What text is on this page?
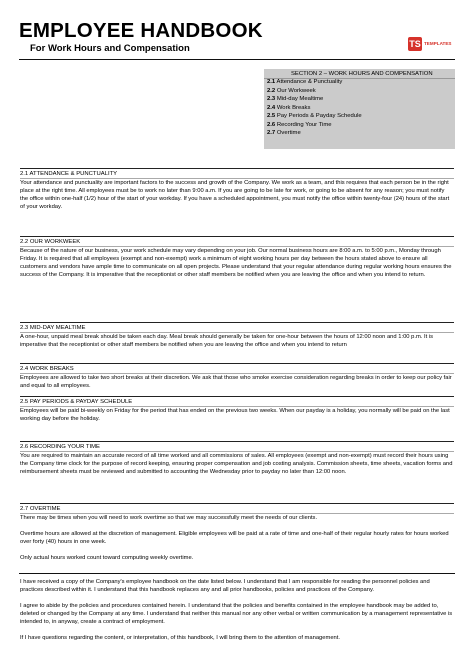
EMPLOYEE HANDBOOK
For Work Hours and Compensation	TS TEMPLATES
SECTION 2 – WORK HOURS AND COMPENSATION
2.1 Attendance & Punctuality
2.2 Our Workweek
2.3 Mid-day Mealtime
2.4 Work Breaks
2.5 Pay Periods & Payday Schedule
2.6 Recording Your Time
2.7 Overtime
2.1 ATTENDANCE & PUNCTUALITY

Your attendance and punctuality are important factors to the success and growth of the Company. We work as a team, and this requires that each person be in the right place at the right time. All employees must be to work no later than 9:00 a.m. If you are going to be late for work, or going to be absent for any reason; you must notify the office within one-half (1/2) hour of the start of your workday. If you have a scheduled appointment, you must notify the office within twenty-four (24) hours of the start of your workday.

2.2 OUR WORKWEEK

Because of the nature of our business, your work schedule may vary depending on your job. Our normal business hours are 8:00 a.m. to 5:00 p.m., Monday through Friday. It is required that all employees (exempt and non-exempt) work a minimum of eight working hours per day between the hours stated above to ensure all customers and vendors have ample time to communicate on all open projects. Please understand that your regular attendance during regular working hours ensures the success of the Company. It is imperative that the receptionist or other staff members be notified when you are leaving the office and when you intend to return.

2.3 MID-DAY MEALTIME

A one-hour, unpaid meal break should be taken each day. Meal break should generally be taken for one-hour between the hours of 12:00 noon and 1:00 p.m. It is imperative that the receptionist or other staff members be notified when you are leaving the office and when you intend to return

2.4 WORK BREAKS

Employees are allowed to take two short breaks at their discretion. We ask that those who smoke exercise consideration regarding breaks in order to keep our policy fair and equal to all employees.

2.5 PAY PERIODS & PAYDAY SCHEDULE

Employees will be paid bi-weekly on Friday for the period that has ended on the previous two weeks. When our payday is a holiday, you normally will be paid on the last working day before the holiday.

2.6 RECORDING YOUR TIME

You are required to maintain an accurate record of all time worked and all commissions of sales. All employees (exempt and non-exempt) must record their hours using the Company time clock for the purpose of record keeping, ensuring proper compensation and job costing analysis. Commission sheets, time sheets, vacation forms and reimbursement sheets must be reviewed and submitted to accounting the Wednesday prior to payday no later than 12:00 noon.

2.7 OVERTIME

There may be times when you will need to work overtime so that we may successfully meet the needs of our clients.

Overtime hours are allowed at the discretion of management. Eligible employees will be paid at a rate of time and one-half of their regular hourly rates for hours worked over forty (40) hours in one week.

Only actual hours worked count toward computing weekly overtime.

I have received a copy of the Company's employee handbook on the date listed below. I understand that I am responsible for reading the personnel policies and practices described within it. I understand that this handbook replaces any and all prior handbooks, policies and practices of the Company.

I agree to abide by the policies and procedures contained herein. I understand that the policies and benefits contained in the employee handbook may be added to, deleted or changed by the Company at any time. I understand that neither this manual nor any other verbal or written communication by a management representative is intended to, in anyway, create a contract of employment.

If I have questions regarding the content, or interpretation, of this handbook, I will bring them to the attention of management.
